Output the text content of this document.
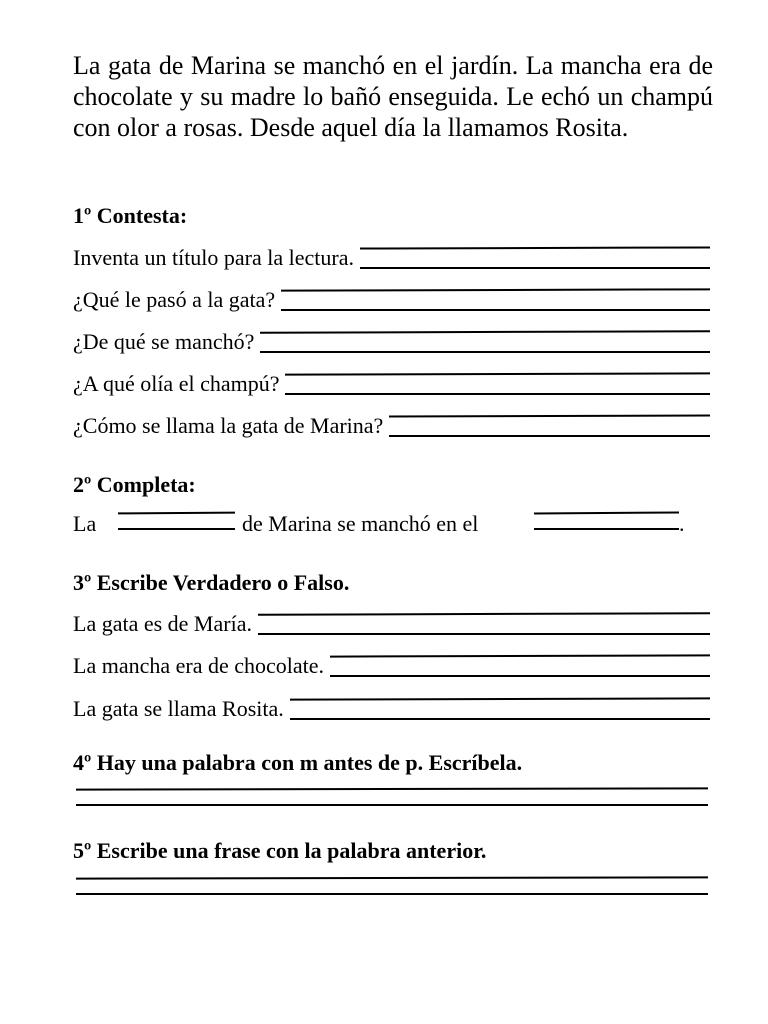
La gata de Marina se manchó en el jardín. La mancha era de chocolate y su madre lo bañó enseguida. Le echó un champú con olor a rosas. Desde aquel día la llamamos Rosita.

1º Contesta:
Inventa un título para la lectura.
¿Qué le pasó a la gata?
¿De qué se manchó?
¿A qué olía el champú?
¿Cómo se llama la gata de Marina?
2º Completa:
La	de Marina se manchó en el	.
3º Escribe Verdadero o Falso.
La gata es de María.
La mancha era de chocolate.
La gata se llama Rosita.
4º Hay una palabra con m antes de p. Escríbela.
5º Escribe una frase con la palabra anterior.
